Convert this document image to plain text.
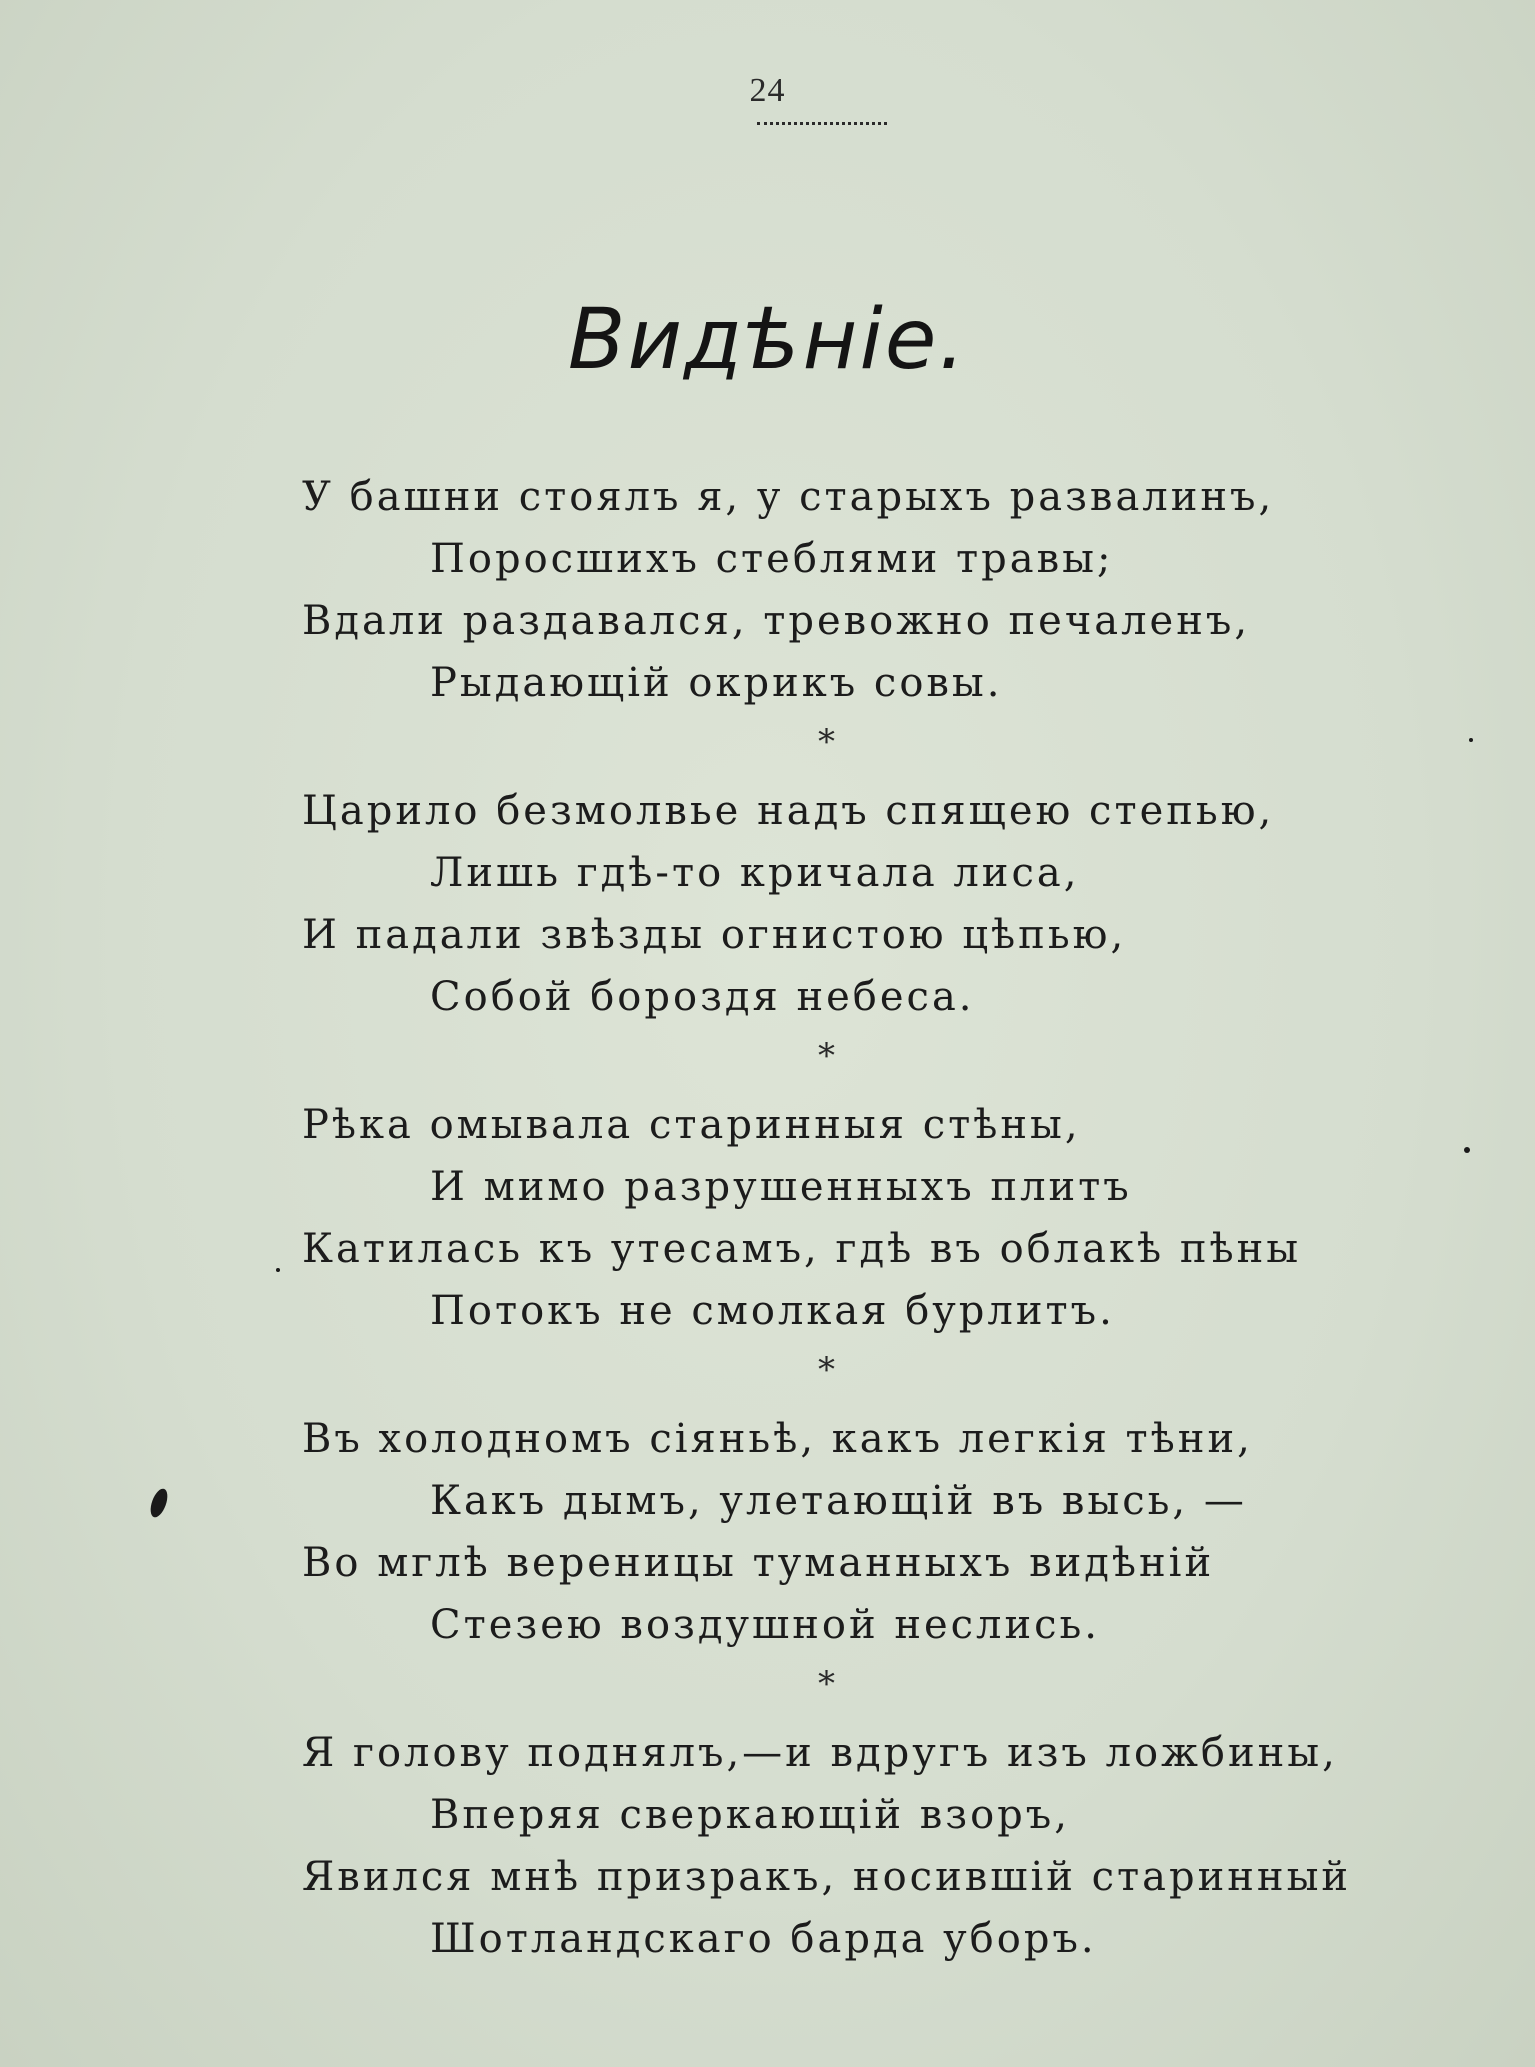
24
Видѣніе.
У башни стоялъ я, у старыхъ развалинъ,
Поросшихъ стеблями травы;
Вдали раздавался, тревожно печаленъ,
Рыдающій окрикъ совы.
*
Царило безмолвье надъ спящею степью,
Лишь гдѣ-то кричала лиса,
И падали звѣзды огнистою цѣпью,
Собой бороздя небеса.
*
Рѣка омывала старинныя стѣны,
И мимо разрушенныхъ плитъ
Катилась къ утесамъ, гдѣ въ облакѣ пѣны
Потокъ не смолкая бурлитъ.
*
Въ холодномъ сіяньѣ, какъ легкія тѣни,
Какъ дымъ, улетающій въ высь, —
Во мглѣ вереницы туманныхъ видѣній
Стезею воздушной неслись.
*
Я голову поднялъ,—и вдругъ изъ ложбины,
Вперяя сверкающій взоръ,
Явился мнѣ призракъ, носившій старинный
Шотландскаго барда уборъ.
